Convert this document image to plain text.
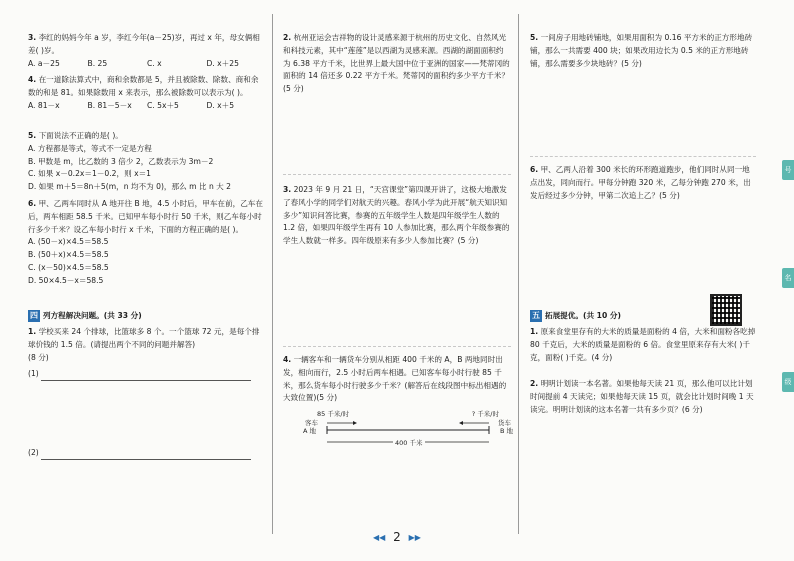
3. 李红的妈妈今年 a 岁，李红今年(a－25)岁，再过 x 年，母女俩相差( )岁。

A. a－25	B. 25	C. x	D. x＋25

4. 在一道除法算式中，商和余数都是 5，并且被除数、除数、商和余数的和是 81。如果除数用 x 来表示，那么被除数可以表示为( )。

A. 81－x	B. 81－5－x	C. 5x＋5	D. x＋5

5. 下面说法不正确的是( )。

A. 方程都是等式，等式不一定是方程

B. 甲数是 m，比乙数的 3 倍少 2，乙数表示为 3m－2

C. 如果 x－0.2x＝1－0.2，则 x＝1

D. 如果 m＋5＝8n＋5(m，n 均不为 0)，那么 m 比 n 大 2

6. 甲、乙两车同时从 A 地开往 B 地，4.5 小时后，甲车在前，乙车在后，两车相距 58.5 千米。已知甲车每小时行 50 千米，则乙车每小时行多少千米？设乙车每小时行 x 千米，下面的方程正确的是( )。

A. (50－x)×4.5＝58.5

B. (50＋x)×4.5＝58.5

C. (x－50)×4.5＝58.5

D. 50×4.5－x＝58.5

四 列方程解决问题。(共 33 分)

1. 学校买来 24 个排球，比篮球多 8 个。一个篮球 72 元，是每个排球价钱的 1.5 倍。(请提出两个不同的问题并解答)

(8 分)

(1)

(2)

2. 杭州亚运会吉祥物的设计灵感来源于杭州的历史文化、自然风光和科技元素，其中“莲莲”是以西湖为灵感来源。西湖的湖面面积约为 6.38 平方千米，比世界上最大国中位于亚洲的国家——梵蒂冈的面积的 14 倍还多 0.22 平方千米。梵蒂冈的面积约多少平方千米？(5 分)

3. 2023 年 9 月 21 日，“天宫课堂”第四课开讲了，这极大地激发了春风小学的同学们对航天的兴趣。春风小学为此开展“航天知识知多少”知识问答比赛，参赛的五年级学生人数是四年级学生人数的 1.2 倍，如果四年级学生再有 10 人参加比赛，那么两个年级参赛的学生人数就一样多。四年级原来有多少人参加比赛？(5 分)

4. 一辆客车和一辆货车分别从相距 400 千米的 A，B 两地同时出发，相向而行，2.5 小时后两车相遇。已知客车每小时行驶 85 千米，那么货车每小时行驶多少千米？(解答后在线段图中标出相遇的大致位置)(5 分)

85 千米/时	? 千米/时
客车	货车
A 地	B 地
400 千米

5. 一间房子用地砖铺地，如果用面积为 0.16 平方米的正方形地砖铺，那么一共需要 400 块；如果改用边长为 0.5 米的正方形地砖铺，那么需要多少块地砖？(5 分)

6. 甲、乙两人沿着 300 米长的环形跑道跑步，他们同时从同一地点出发，同向而行。甲每分钟跑 320 米，乙每分钟跑 270 米，出发后经过多少分钟，甲第二次追上乙？(5 分)

五 拓展提优。(共 10 分)

1. 原来食堂里存有的大米的质量是面粉的 4 倍，大米和面粉各吃掉 80 千克后，大米的质量是面粉的 6 倍。食堂里原来存有大米( )千克，面粉( )千克。(4 分)

2. 明明计划读一本名著。如果他每天读 21 页，那么他可以比计划时间提前 4 天读完；如果他每天读 15 页，就会比计划时间晚 1 天读完。明明计划读的这本名著一共有多少页？(6 分)

号
名
级
◀◀ 2 ▶▶
